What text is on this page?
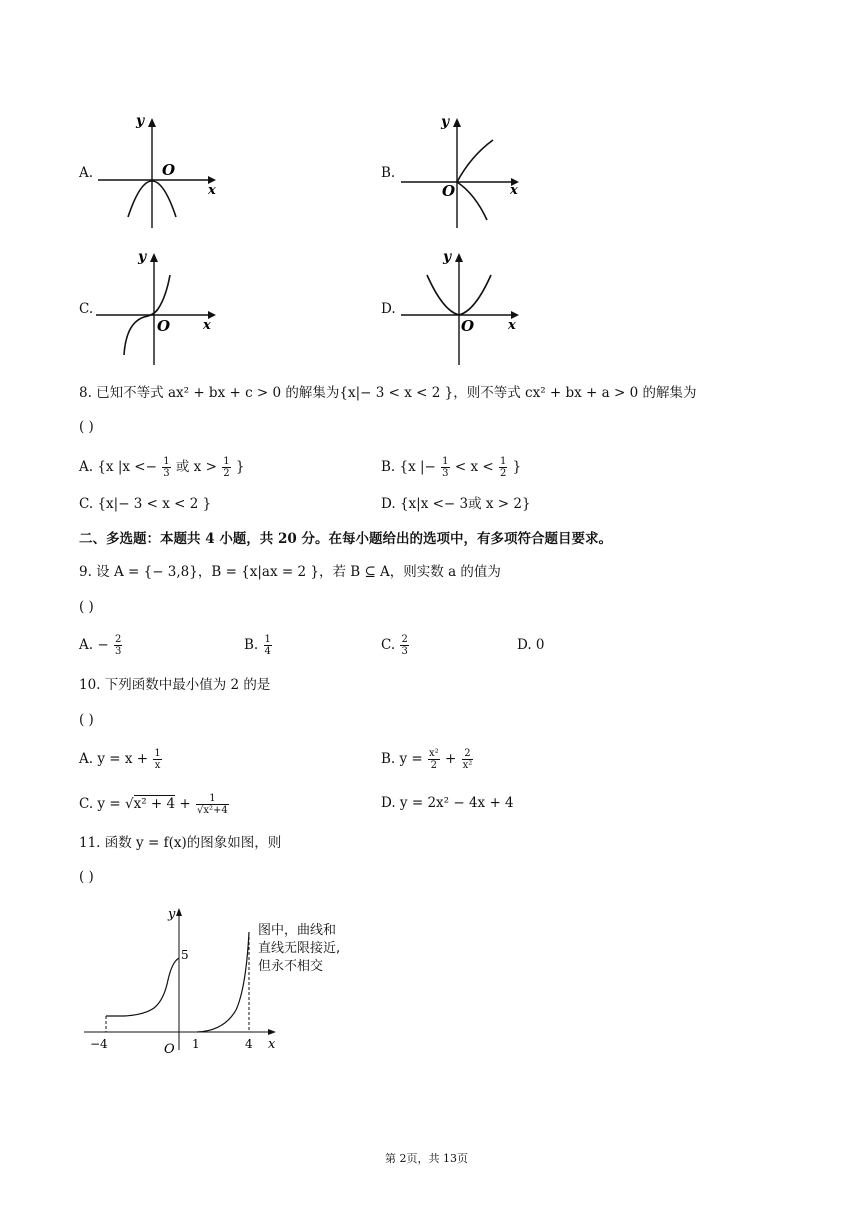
A.
y
O
x
B.
y
O	x
C.
y
O	x
D.
y
O	x
8. 已知不等式 ax² + bx + c > 0 的解集为{x|− 3 < x < 2 }，则不等式 cx² + bx + a > 0 的解集为
( )
A. {x $|x <- \frac{1}{3}$ 或 $x > \frac{1}{2}$ }	B. {x |− $\frac{1}{3} < x < \frac{1}{2}$ }
C. {x|− 3 < x < 2 }	D. {x|x <− 3或 x > 2}
二、多选题：本题共 4 小题，共 20 分。在每小题给出的选项中，有多项符合题目要求。
9. 设 A = {− 3,8}，B = {x|ax = 2 }，若 B ⊆ A，则实数 a 的值为
( )
A. − $\frac{2}{3}$	B. $\frac{1}{4}$	C. $\frac{2}{3}$	D. 0
10. 下列函数中最小值为 2 的是
( )
A. $y = x + \frac{1}{x}$	B. $y = \frac{\text{x²}}{2} + \frac{2}{\text{x²}}$
C. $y = √x^2 + 4 + \frac{1}{\text{√x²+4}}$	D. y = 2x² − 4x + 4
11. 函数 y = f(x)的图象如图，则
( )
y
x
O
5
−4	1	4
图中，曲线和
直线无限接近,
但永不相交
第 2页，共 13页
